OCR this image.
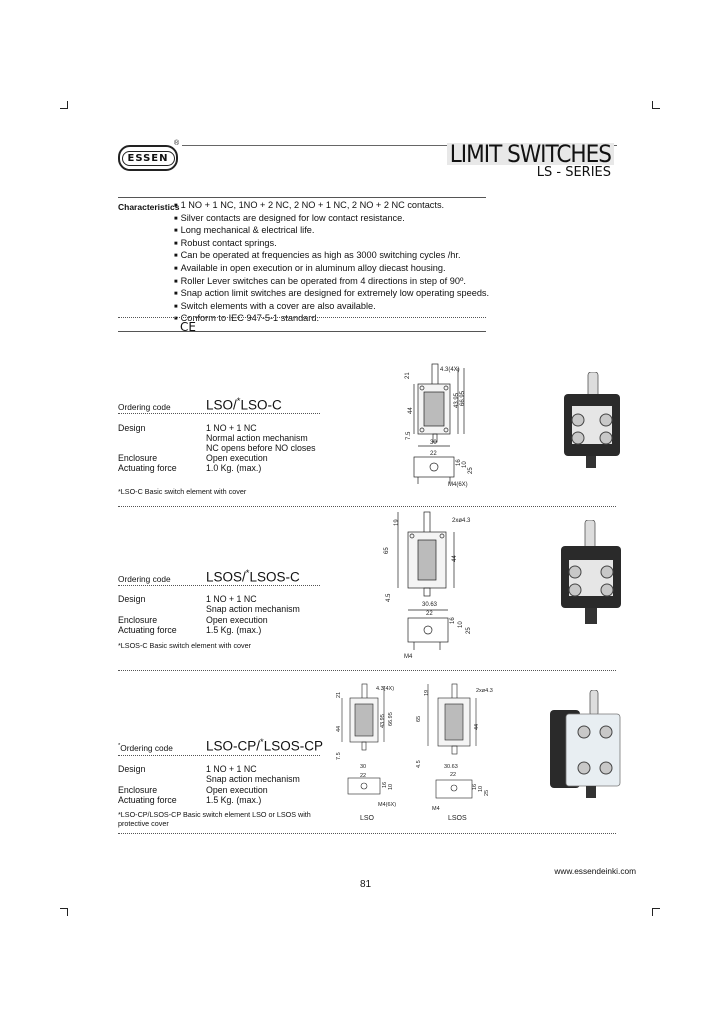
ESSEN
®	LIMIT SWITCHES
LS - SERIES
Characteristics
■ 1 NO + 1 NC, 1NO + 2 NC, 2 NO + 1 NC, 2 NO + 2 NC contacts.
■ Silver contacts are designed for low contact resistance.
■ Long mechanical & electrical life.
■ Robust contact springs.
■ Can be operated at frequencies as high as 3000 switching cycles /hr.
■ Available in open execution or in aluminum alloy diecast housing.
■ Roller Lever switches can be operated from 4 directions in step of 90º.
■ Snap action limit switches are designed for extremely low operating speeds.
■ Switch elements with a cover are also available.
■ Conform to IEC 947-5-1 standard.
CE
Ordering code	LSO/*LSO-C
Design	1 NO + 1 NC
Normal action mechanism
NC opens before NO closes
Enclosure	Open execution
Actuating force	1.0 Kg. (max.)
*LSO-C Basic switch element with cover
4.3(4X)
21
44
43.95 66.95
7.5
30
22
16 10
25
M4(6X)
Ordering code	LSOS/*LSOS-C
Design	1 NO + 1 NC
Snap action mechanism
Enclosure	Open execution
Actuating force	1.5 Kg. (max.)
*LSOS-C Basic switch element with cover
2xø4.3
19
65
44
4.5
30.63
22
16
10
25
M4
*Ordering code LSO-CP/*LSOS-CP
Design	1 NO + 1 NC
Snap action mechanism
Enclosure	Open execution
Actuating force	1.5 Kg. (max.)
*LSO-CP/LSOS-CP Basic switch element LSO or LSOS with protective cover
4.3(4X)
21
44
43.95 66.95
7.5
30
22
16 10
M4(6X)
LSO
2xø4.3
19
65
44
4.5	30.63
22
16 10
25
M4
LSOS
www.essendeinki.com
81
